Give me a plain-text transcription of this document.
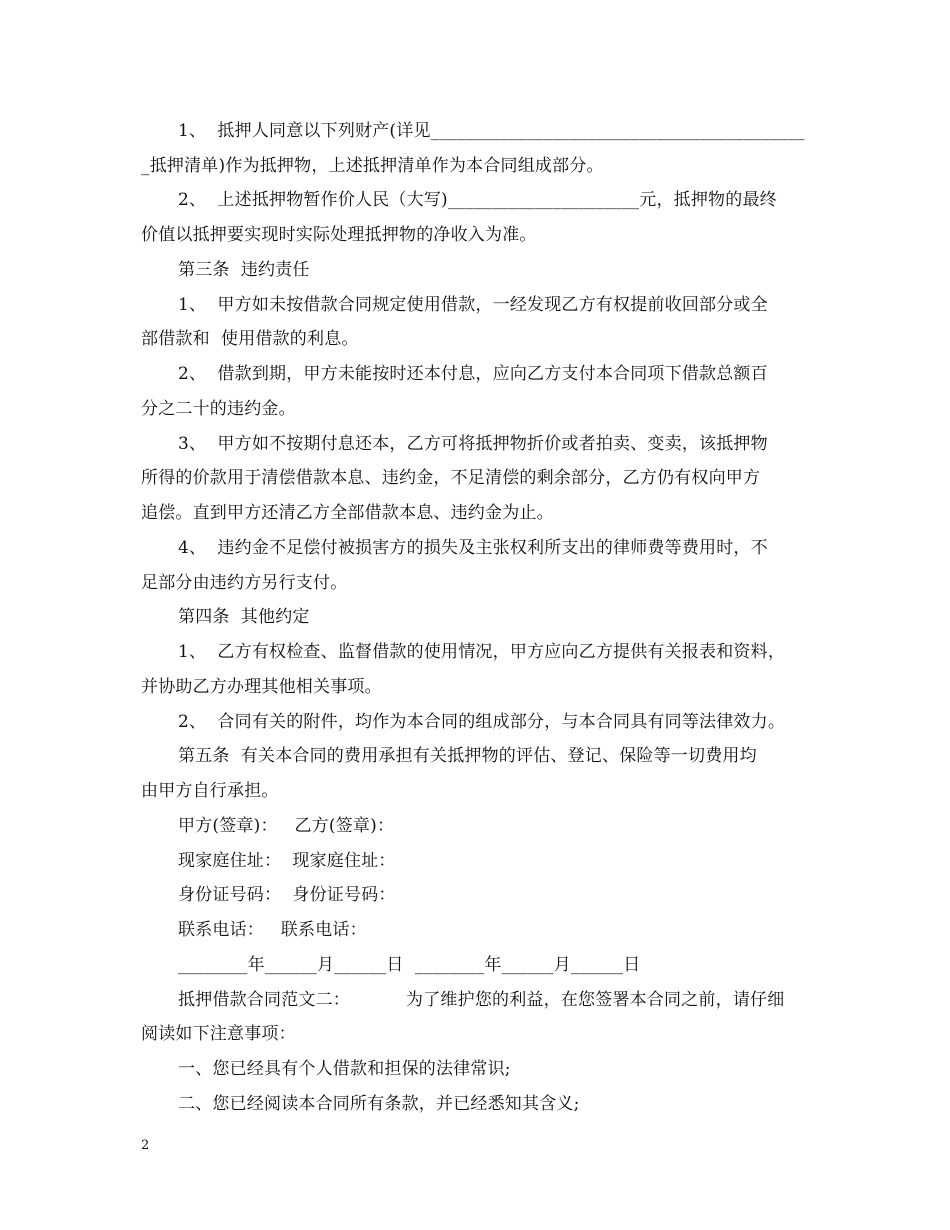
1、  抵押人同意以下列财产(详见___________________________________________
_抵押清单)作为抵押物，上述抵押清单作为本合同组成部分。
2、  上述抵押物暂作价人民（大写)______________________元，抵押物的最终
价值以抵押要实现时实际处理抵押物的净收入为准。
第三条  违约责任
1、  甲方如未按借款合同规定使用借款，一经发现乙方有权提前收回部分或全
部借款和  使用借款的利息。
2、  借款到期，甲方未能按时还本付息，应向乙方支付本合同项下借款总额百
分之二十的违约金。
3、  甲方如不按期付息还本，乙方可将抵押物折价或者拍卖、变卖，该抵押物
所得的价款用于清偿借款本息、违约金，不足清偿的剩余部分，乙方仍有权向甲方
追偿。直到甲方还清乙方全部借款本息、违约金为止。
4、  违约金不足偿付被损害方的损失及主张权利所支出的律师费等费用时，不
足部分由违约方另行支付。
第四条  其他约定
1、  乙方有权检查、监督借款的使用情况，甲方应向乙方提供有关报表和资料，
并协助乙方办理其他相关事项。
2、  合同有关的附件，均作为本合同的组成部分，与本合同具有同等法律效力。
第五条  有关本合同的费用承担有关抵押物的评估、登记、保险等一切费用均
由甲方自行承担。
甲方(签章)：   乙方(签章)：
现家庭住址：  现家庭住址：
身份证号码：  身份证号码：
联系电话：   联系电话：
________年______月______日  ________年______月______日
抵押借款合同范文二：          为了维护您的利益，在您签署本合同之前，请仔细
阅读如下注意事项：
一、您已经具有个人借款和担保的法律常识;
二、您已经阅读本合同所有条款，并已经悉知其含义;
2
